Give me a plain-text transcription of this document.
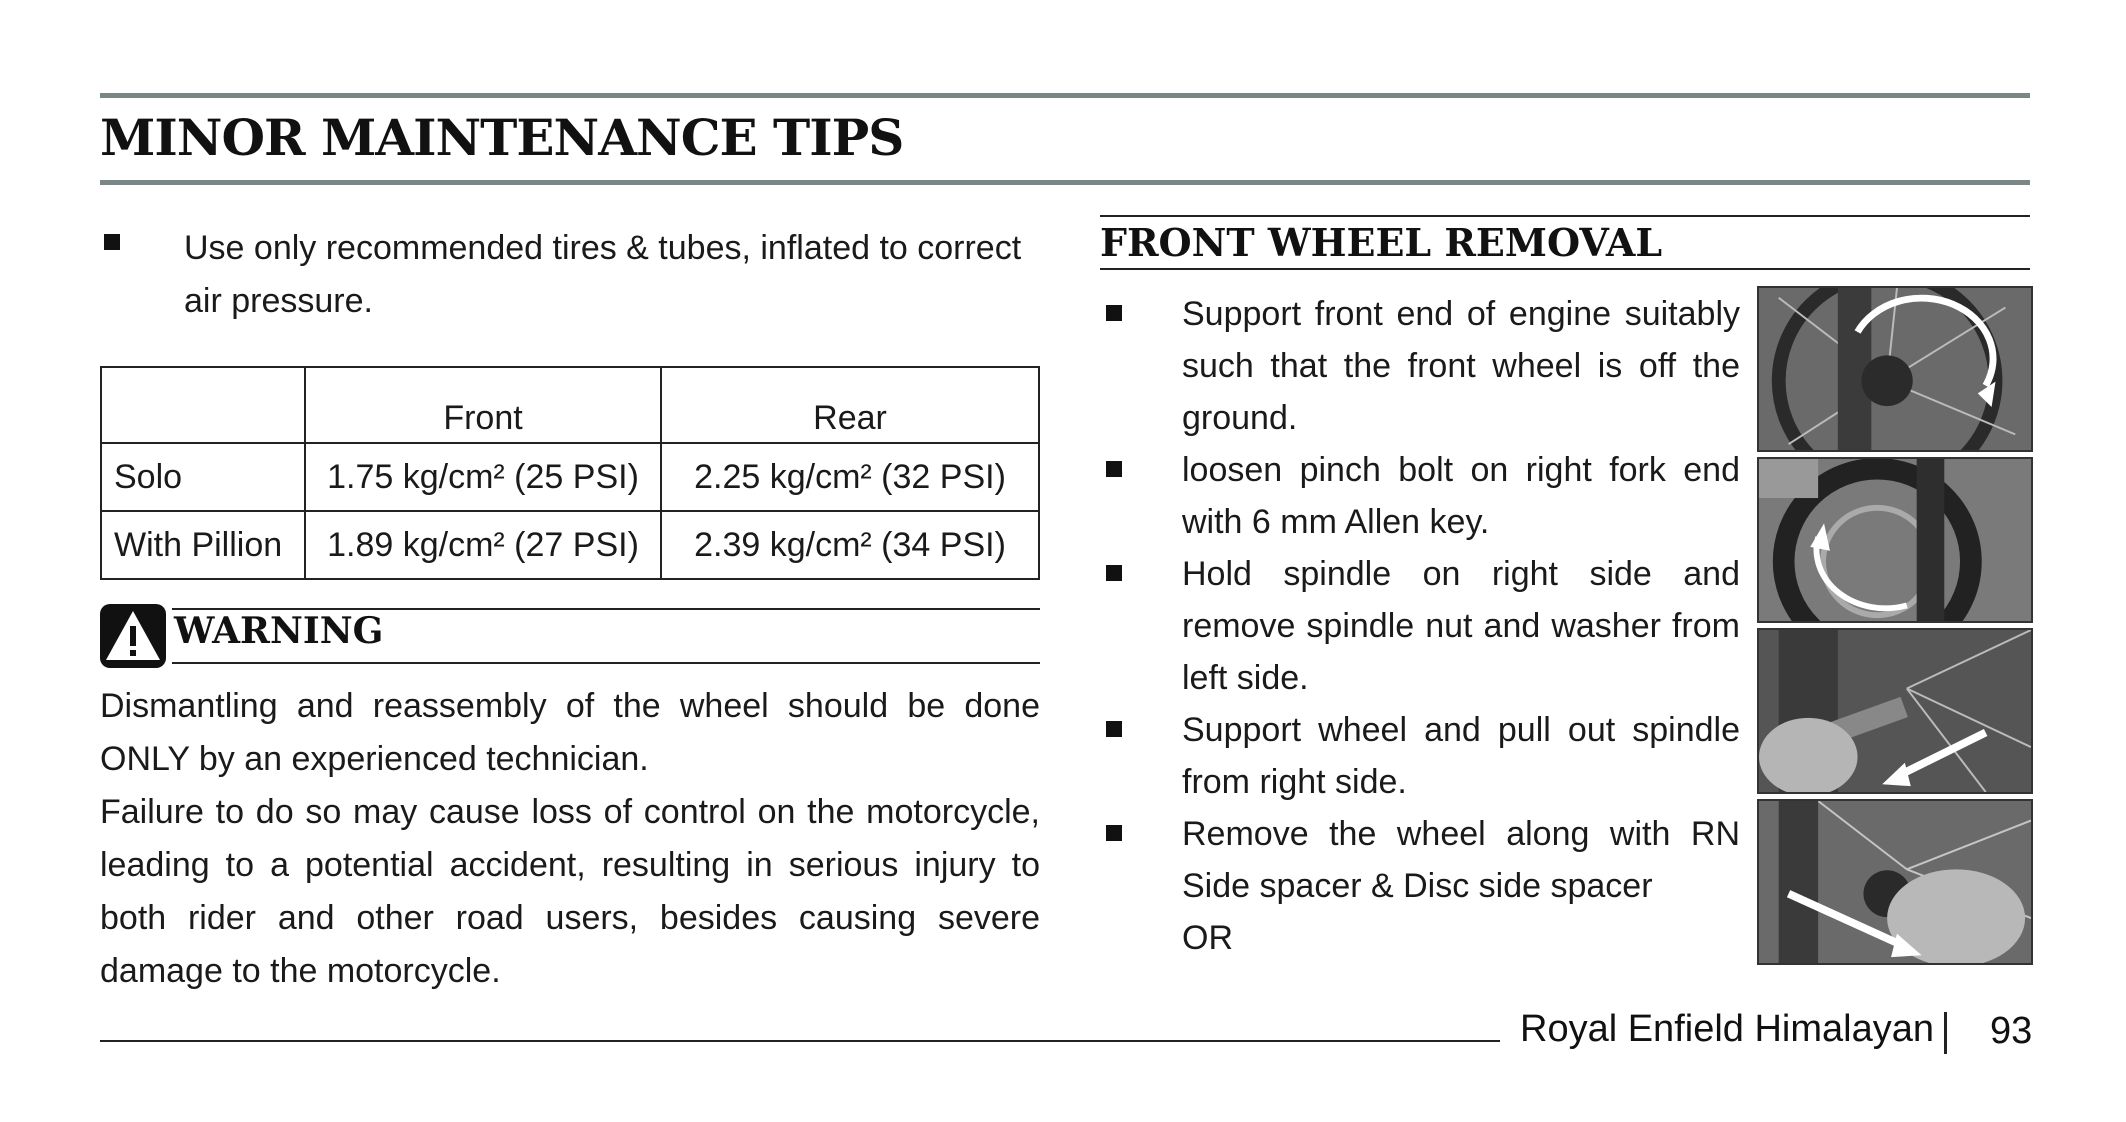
MINOR MAINTENANCE TIPS
Use only recommended tires & tubes, inflated to correct air pressure.
	Front	Rear
Solo	1.75 kg/cm² (25 PSI)	2.25 kg/cm² (32 PSI)
With Pillion	1.89 kg/cm² (27 PSI)	2.39 kg/cm² (34 PSI)
WARNING

Dismantling and reassembly of the wheel should be done ONLY by an experienced technician.

Failure to do so may cause loss of control on the motorcycle, leading to a potential accident, resulting in serious injury to both rider and other road users, besides causing severe damage to the motorcycle.

FRONT WHEEL REMOVAL
Support front end of engine suitably such that the front wheel is off the ground.
loosen pinch bolt on right fork end with 6 mm Allen key.
Hold spindle on right side and remove spindle nut and washer from left side.
Support wheel and pull out spindle from right side.
Remove the wheel along with RN Side spacer & Disc side spacer
OR
Royal Enfield Himalayan 93
